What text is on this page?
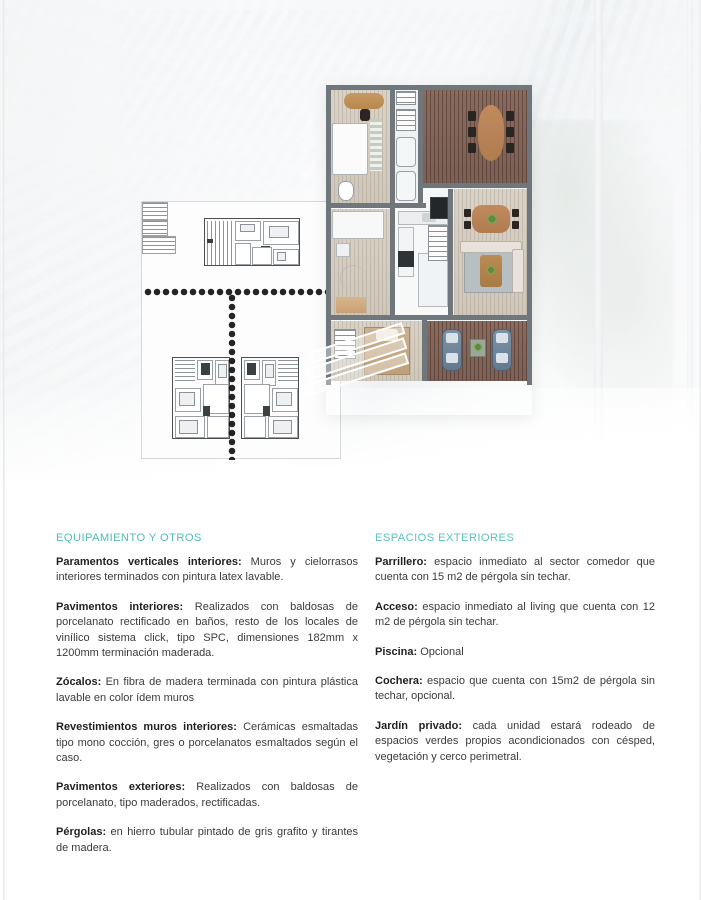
EQUIPAMIENTO Y OTROS

Paramentos verticales interiores: Muros y cielorrasos interiores terminados con pintura latex lavable.

Pavimentos interiores: Realizados con baldosas de porcelanato rectificado en baños, resto de los locales de vinílico sistema click, tipo SPC, dimensiones 182mm x 1200mm terminación maderada.

Zócalos: En fibra de madera terminada con pintura plástica lavable en color ídem muros

Revestimientos muros interiores: Cerámicas esmaltadas tipo mono cocción, gres o porcelanatos esmaltados según el caso.

Pavimentos exteriores: Realizados con baldosas de porcelanato, tipo maderados, rectificadas.

Pérgolas: en hierro tubular pintado de gris grafito y tirantes de madera.

ESPACIOS EXTERIORES

Parrillero: espacio inmediato al sector comedor que cuenta con 15 m2 de pérgola sin techar.

Acceso: espacio inmediato al living que cuenta con 12 m2 de pérgola sin techar.

Piscina: Opcional

Cochera: espacio que cuenta con 15m2 de pérgola sin techar, opcional.

Jardín privado: cada unidad estará rodeado de espacios verdes propios acondicionados con césped, vegetación y cerco perimetral.
